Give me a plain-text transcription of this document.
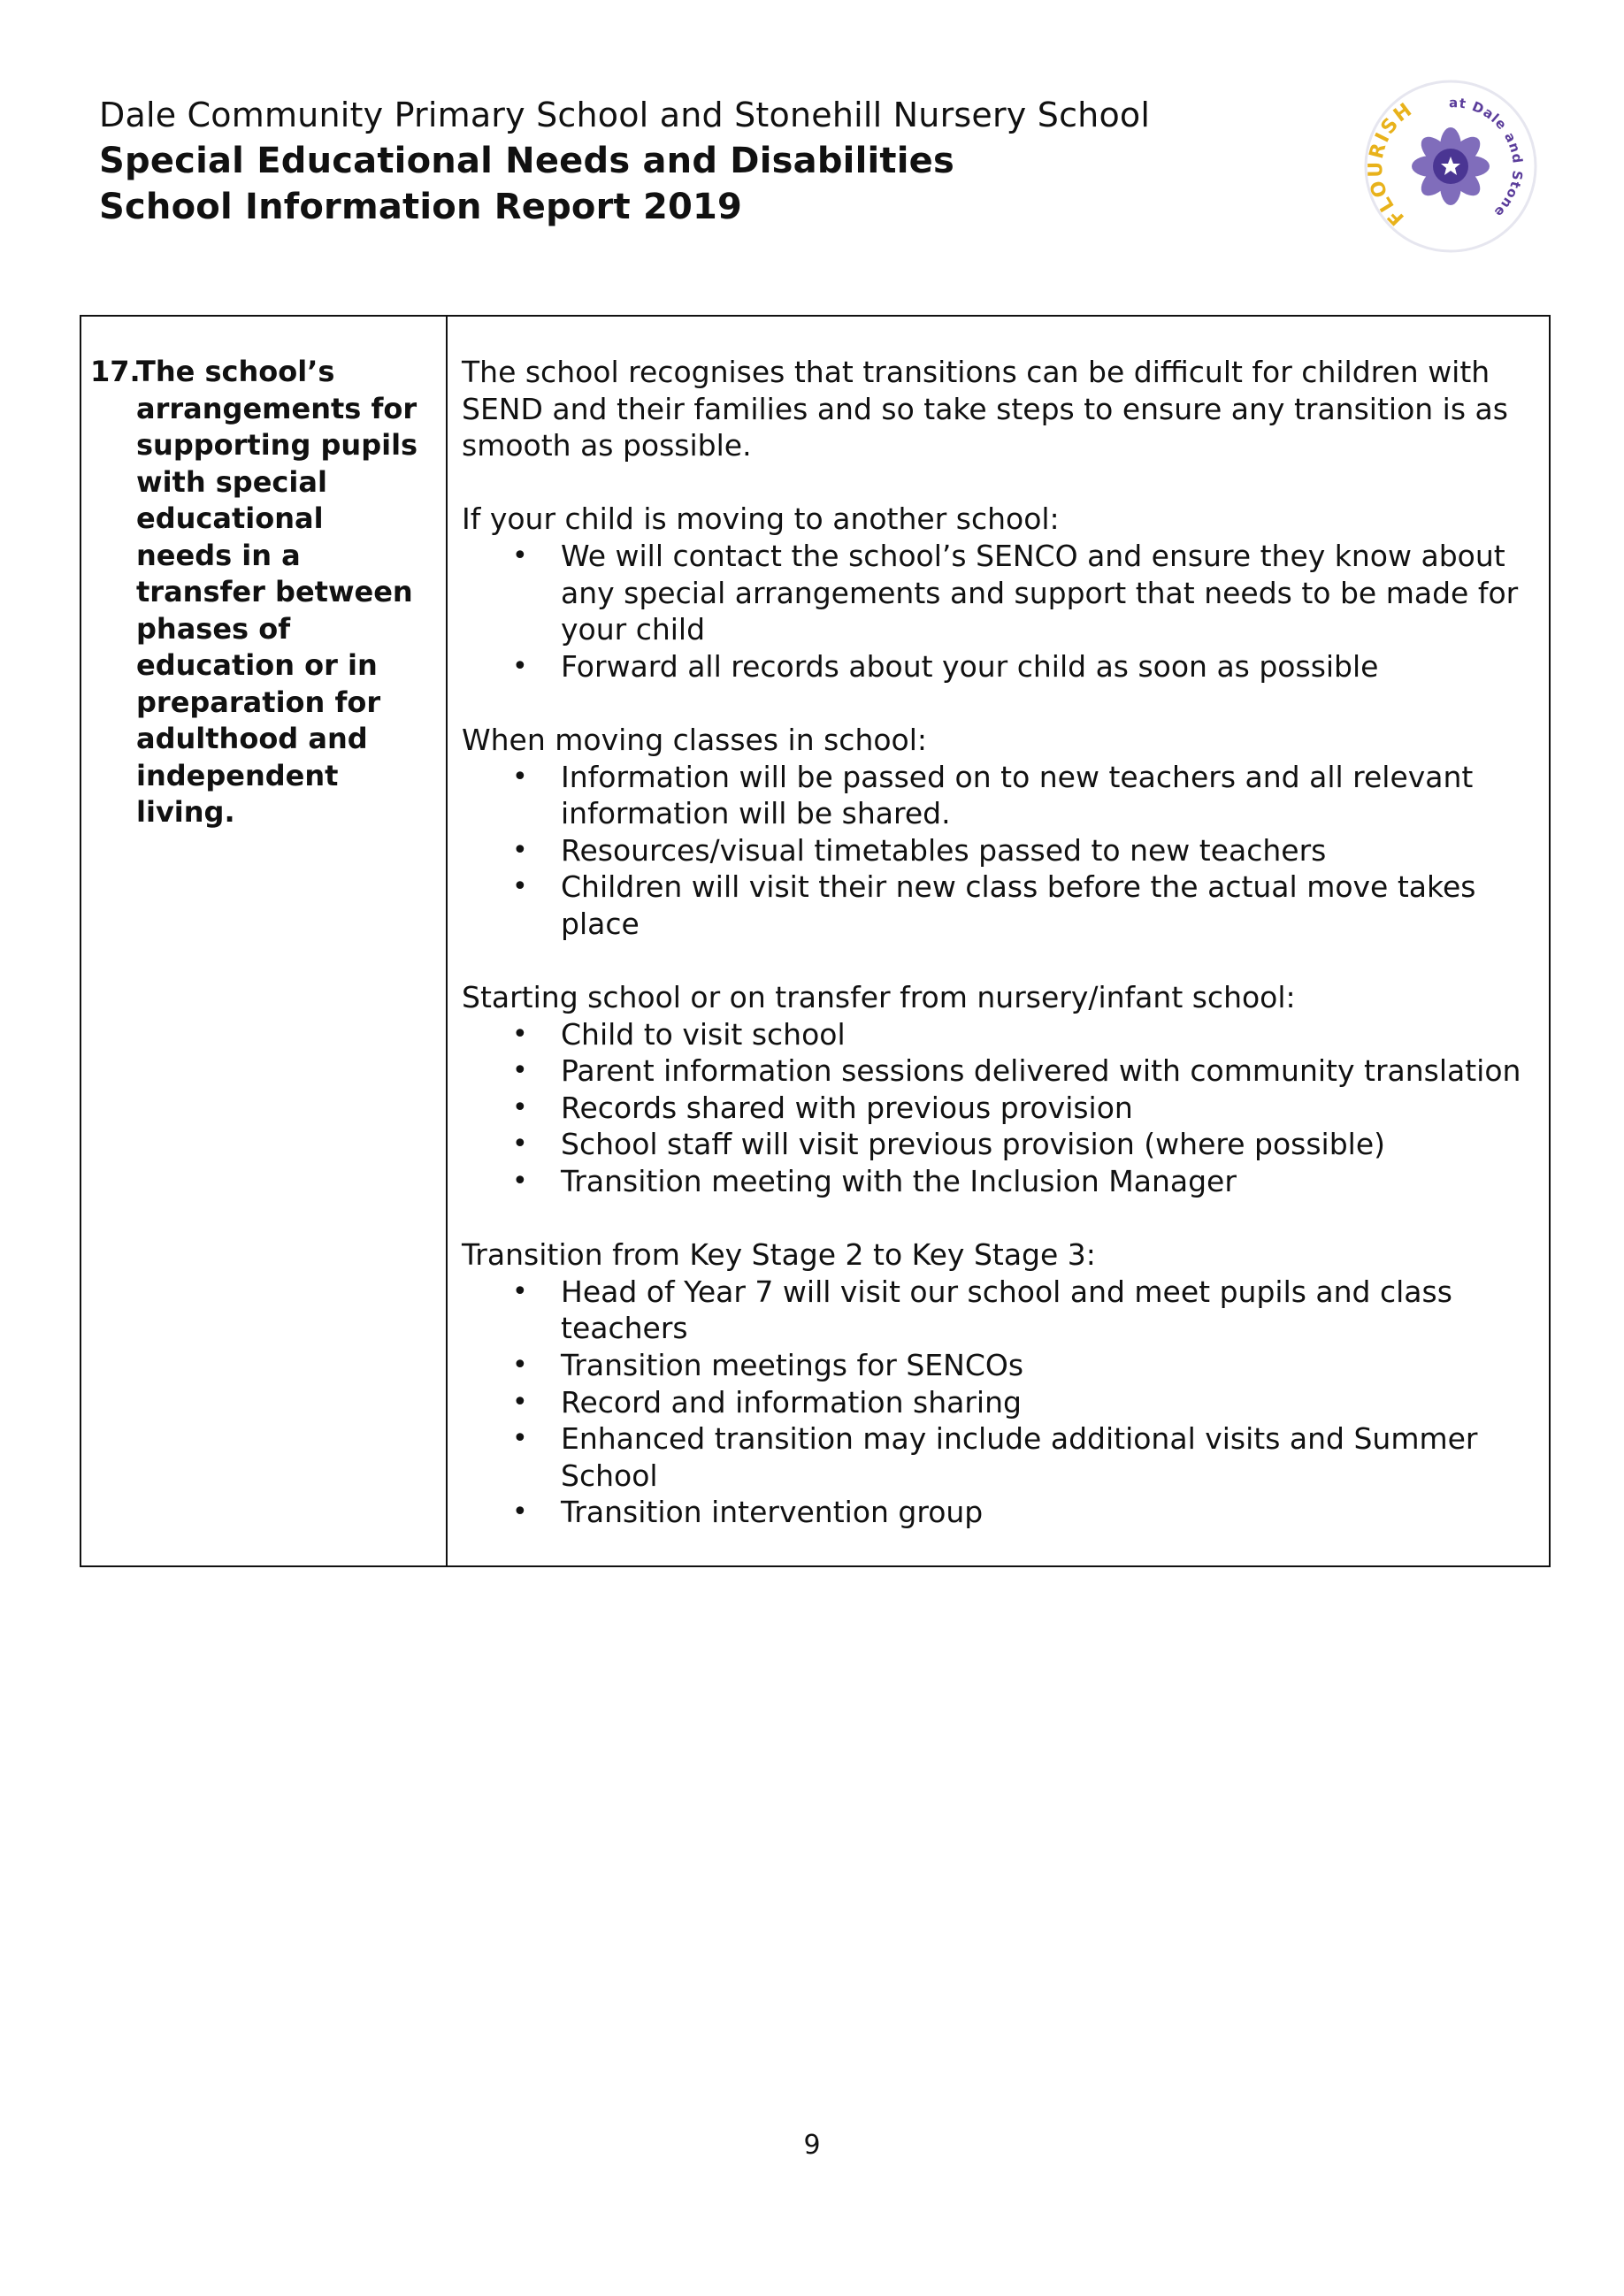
Dale Community Primary School and Stonehill Nursery School

Special Educational Needs and Disabilities

School Information Report 2019	FLOURISH	at Dale and Stone
17.
The school’s arrangements for supporting pupils with special educational needs in a transfer between phases of education or in preparation for adulthood and independent living.

The school recognises that transitions can be difficult for children with SEND and their families and so take steps to ensure any transition is as smooth as possible.

If your child is moving to another school:

• We will contact the school’s SENCO and ensure they know about any special arrangements and support that needs to be made for your child
• Forward all records about your child as soon as possible

When moving classes in school:

• Information will be passed on to new teachers and all relevant information will be shared.
• Resources/visual timetables passed to new teachers
• Children will visit their new class before the actual move takes place

Starting school or on transfer from nursery/infant school:

• Child to visit school
• Parent information sessions delivered with community translation
• Records shared with previous provision
• School staff will visit previous provision (where possible)
• Transition meeting with the Inclusion Manager

Transition from Key Stage 2 to Key Stage 3:

• Head of Year 7 will visit our school and meet pupils and class teachers
• Transition meetings for SENCOs
• Record and information sharing
• Enhanced transition may include additional visits and Summer School
• Transition intervention group
9
